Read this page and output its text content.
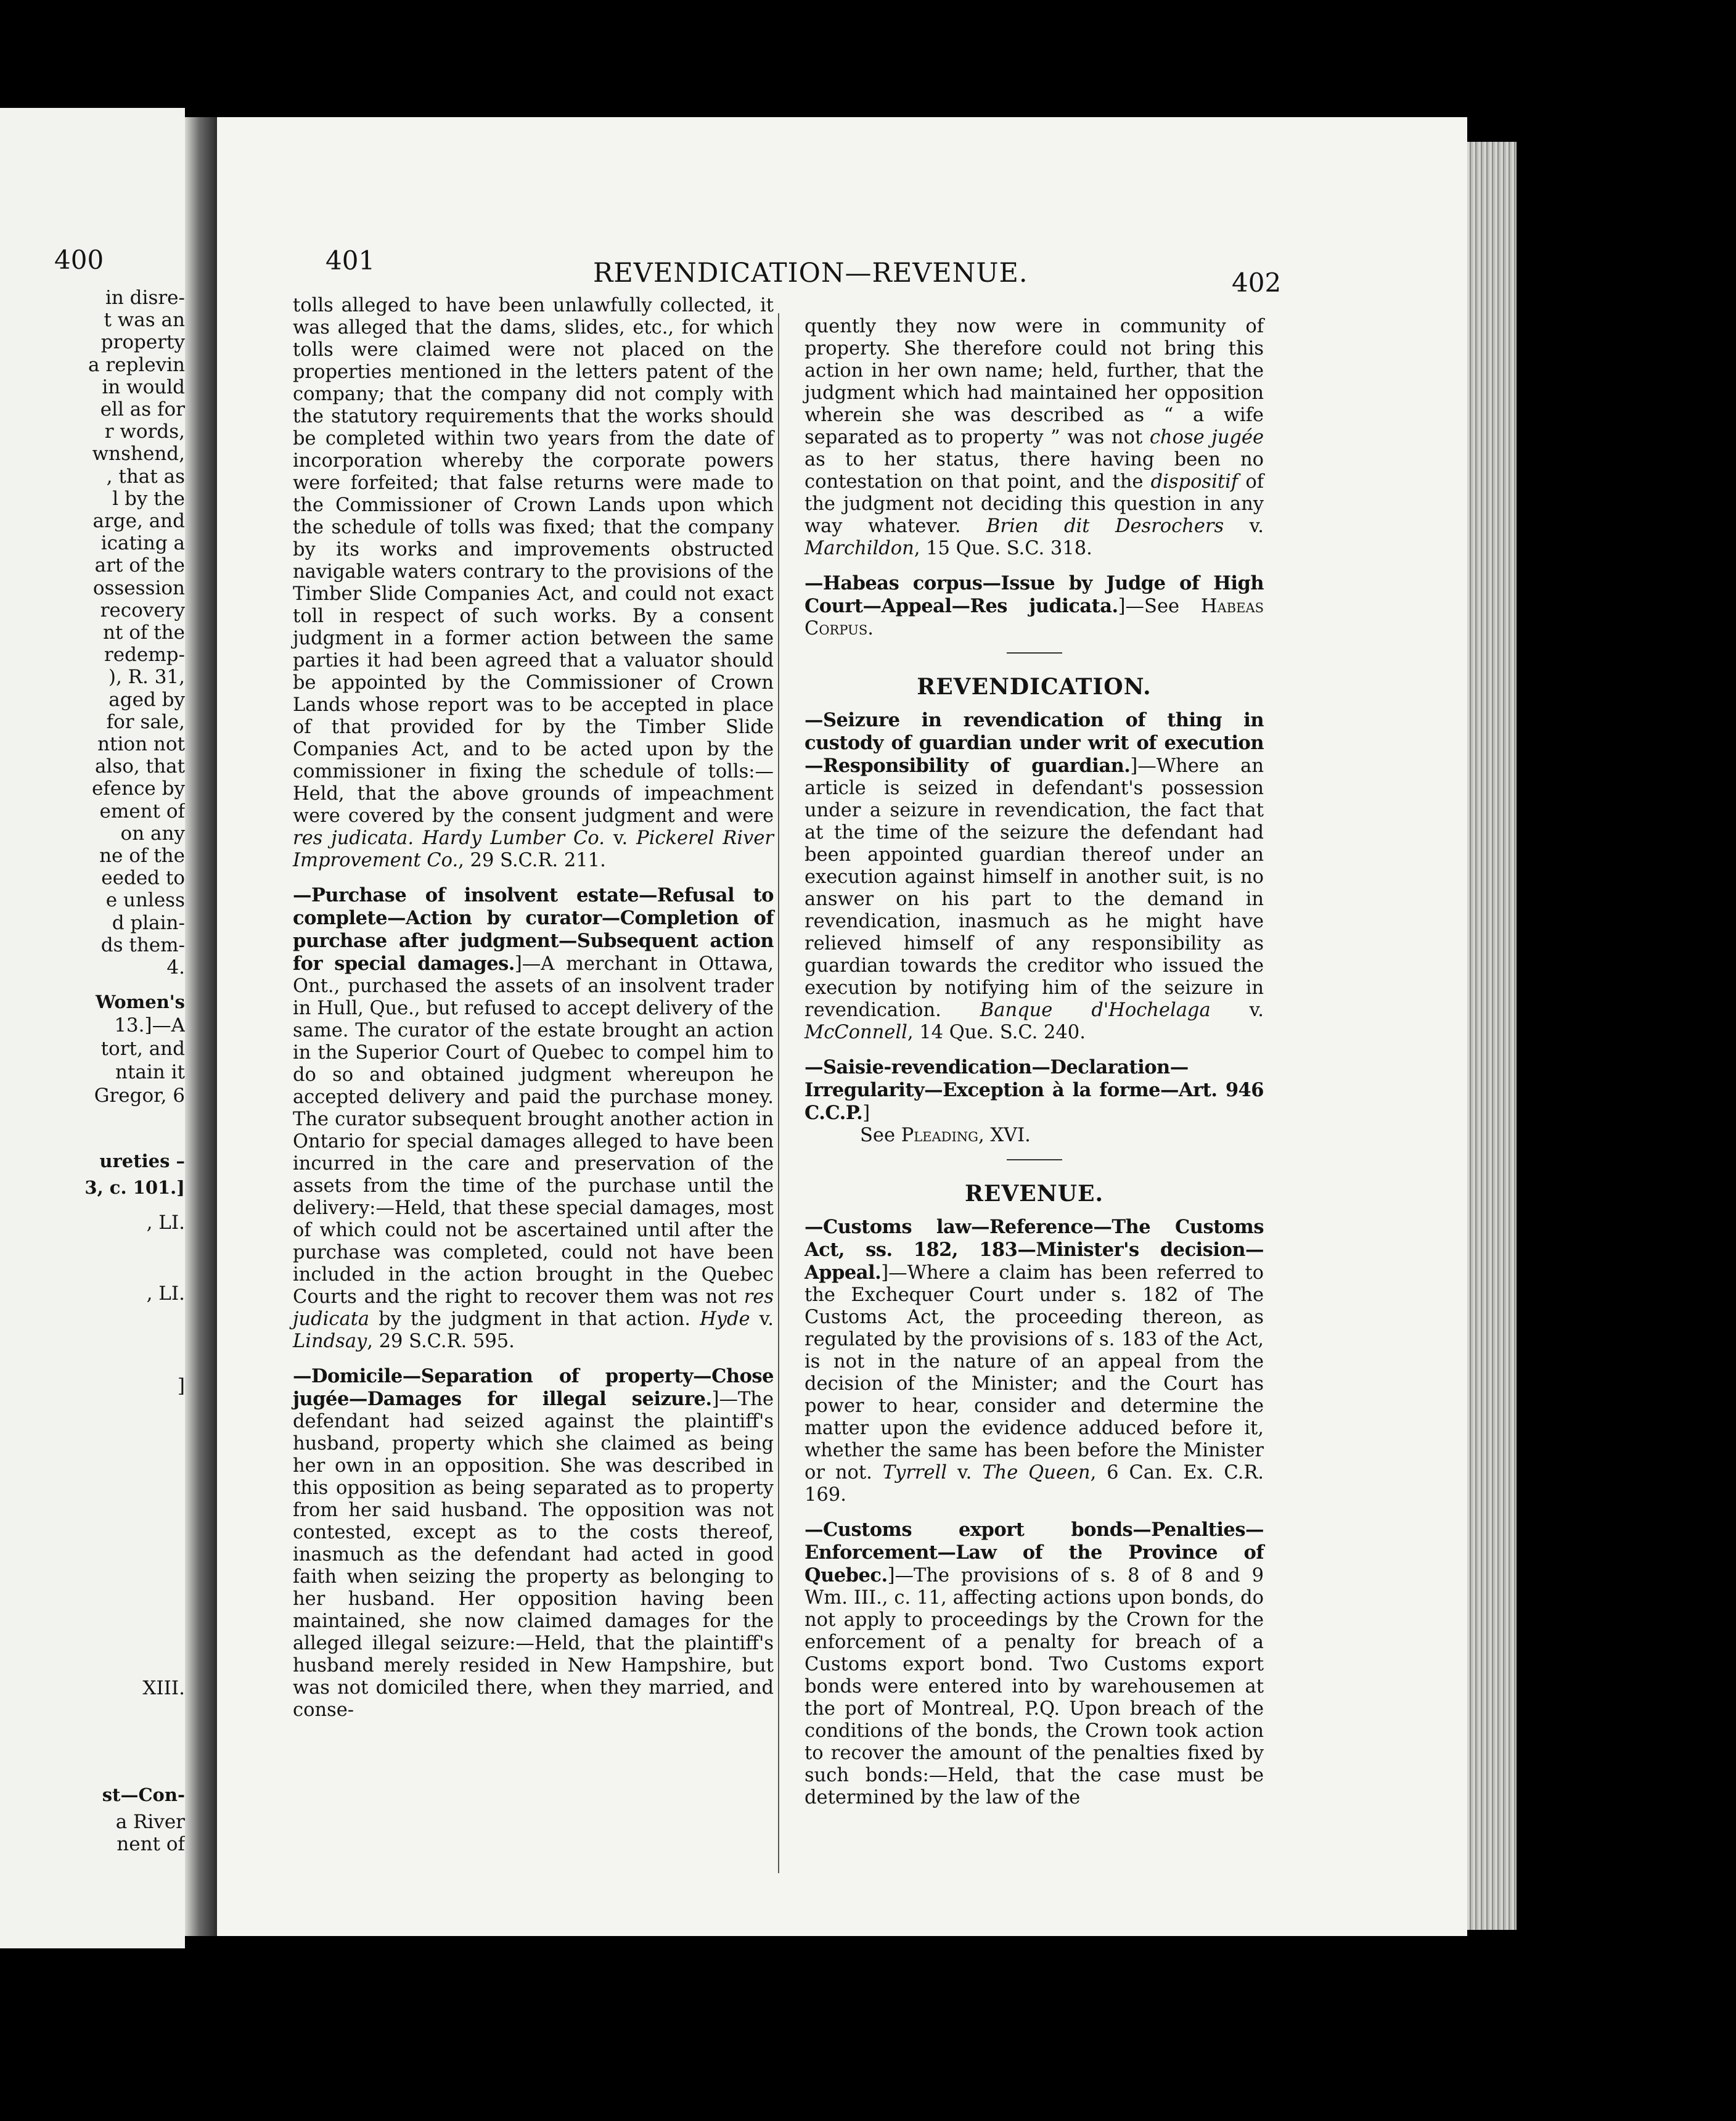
400
in disre-
t was an
property
a replevin
in would
ell as for
r words,
wnshend,
, that as
l by the
arge, and
icating a
art of the
ossession
recovery
nt of the
redemp-
), R. 31,
aged by
for sale,
ntion not
also, that
efence by
ement of
on any
ne of the
eeded to
e unless
d plain-
ds them-
4.
Women's
13.]—A
tort, and
ntain it
Gregor, 6
ureties –
3, c. 101.]
, LI.
, LI.
]
XIII.
st—Con-
a River
nent of
401	REVENDICATION—REVENUE.	402

tolls alleged to have been unlawfully collected, it was alleged that the dams, slides, etc., for which tolls were claimed were not placed on the properties mentioned in the letters patent of the company; that the company did not comply with the statutory requirements that the works should be completed within two years from the date of incorporation whereby the corporate powers were forfeited; that false returns were made to the Commissioner of Crown Lands upon which the schedule of tolls was fixed; that the company by its works and improvements obstructed navigable waters contrary to the provisions of the Timber Slide Companies Act, and could not exact toll in respect of such works. By a consent judgment in a former action between the same parties it had been agreed that a valuator should be appointed by the Commissioner of Crown Lands whose report was to be accepted in place of that provided for by the Timber Slide Companies Act, and to be acted upon by the commissioner in fixing the schedule of tolls:—Held, that the above grounds of impeachment were covered by the consent judgment and were res judicata. Hardy Lumber Co. v. Pickerel River Improvement Co., 29 S.C.R. 211.

—Purchase of insolvent estate—Refusal to complete—Action by curator—Completion of purchase after judgment—Subsequent action for special damages.]—A merchant in Ottawa, Ont., purchased the assets of an insolvent trader in Hull, Que., but refused to accept delivery of the same. The curator of the estate brought an action in the Superior Court of Quebec to compel him to do so and obtained judgment whereupon he accepted delivery and paid the purchase money. The curator subsequent brought another action in Ontario for special damages alleged to have been incurred in the care and preservation of the assets from the time of the purchase until the delivery:—Held, that these special damages, most of which could not be ascertained until after the purchase was completed, could not have been included in the action brought in the Quebec Courts and the right to recover them was not res judicata by the judgment in that action. Hyde v. Lindsay, 29 S.C.R. 595.

—Domicile—Separation of property—Chose jugée—Damages for illegal seizure.]—The defendant had seized against the plaintiff's husband, property which she claimed as being her own in an opposition. She was described in this opposition as being separated as to property from her said husband. The opposition was not contested, except as to the costs thereof, inasmuch as the defendant had acted in good faith when seizing the property as belonging to her husband. Her opposition having been maintained, she now claimed damages for the alleged illegal seizure:—Held, that the plaintiff's husband merely resided in New Hampshire, but was not domiciled there, when they married, and conse-

quently they now were in community of property. She therefore could not bring this action in her own name; held, further, that the judgment which had maintained her opposition wherein she was described as “ a wife separated as to property ” was not chose jugée as to her status, there having been no contestation on that point, and the dispositif of the judgment not deciding this question in any way whatever. Brien dit Desrochers v. Marchildon, 15 Que. S.C. 318.

—Habeas corpus—Issue by Judge of High Court—Appeal—Res judicata.]—See Habeas Corpus.

REVENDICATION.

—Seizure in revendication of thing in custody of guardian under writ of execution—Responsibility of guardian.]—Where an article is seized in defendant's possession under a seizure in revendication, the fact that at the time of the seizure the defendant had been appointed guardian thereof under an execution against himself in another suit, is no answer on his part to the demand in revendication, inasmuch as he might have relieved himself of any responsibility as guardian towards the creditor who issued the execution by notifying him of the seizure in revendication. Banque d'Hochelaga v. McConnell, 14 Que. S.C. 240.

—Saisie-revendication—Declaration—Irregularity—Exception à la forme—Art. 946 C.C.P.]

See Pleading, XVI.

REVENUE.

—Customs law—Reference—The Customs Act, ss. 182, 183—Minister's decision—Appeal.]—Where a claim has been referred to the Exchequer Court under s. 182 of The Customs Act, the proceeding thereon, as regulated by the provisions of s. 183 of the Act, is not in the nature of an appeal from the decision of the Minister; and the Court has power to hear, consider and determine the matter upon the evidence adduced before it, whether the same has been before the Minister or not. Tyrrell v. The Queen, 6 Can. Ex. C.R. 169.

—Customs export bonds—Penalties—Enforcement—Law of the Province of Quebec.]—The provisions of s. 8 of 8 and 9 Wm. III., c. 11, affecting actions upon bonds, do not apply to proceedings by the Crown for the enforcement of a penalty for breach of a Customs export bond. Two Customs export bonds were entered into by warehousemen at the port of Montreal, P.Q. Upon breach of the conditions of the bonds, the Crown took action to recover the amount of the penalties fixed by such bonds:—Held, that the case must be determined by the law of the
